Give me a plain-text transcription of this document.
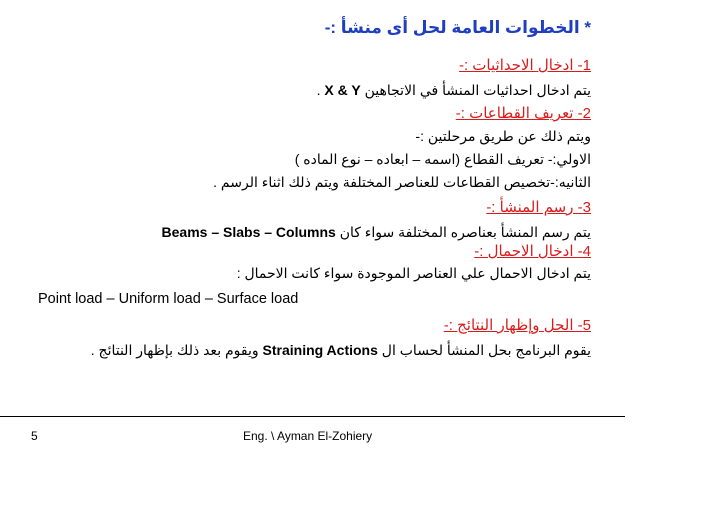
* الخطوات العامة لحل أى منشأ :-

1- ادخال الاحداثيات :-

يتم ادخال احداثيات المنشأ في الاتجاهين X & Y .

2- تعريف القطاعات :-

ويتم ذلك عن طريق مرحلتين :-

الاولي:- تعريف القطاع (اسمه – ابعاده – نوع الماده )

الثانيه:-تخصيص القطاعات للعناصر المختلفة ويتم ذلك اثناء الرسم .

3- رسم المنشأ :-

يتم رسم المنشأ بعناصره المختلفة سواء كان Beams – Slabs – Columns

4- ادخال الاحمال :-

يتم ادخال الاحمال علي العناصر الموجودة سواء كانت الاحمال :

Point load – Uniform load – Surface load

5- الحل وإظهار النتائج :-

يقوم البرنامج بحل المنشأ لحساب ال Straining Actions ويقوم بعد ذلك بإظهار النتائج .

5	Eng. \ Ayman El-Zohiery
